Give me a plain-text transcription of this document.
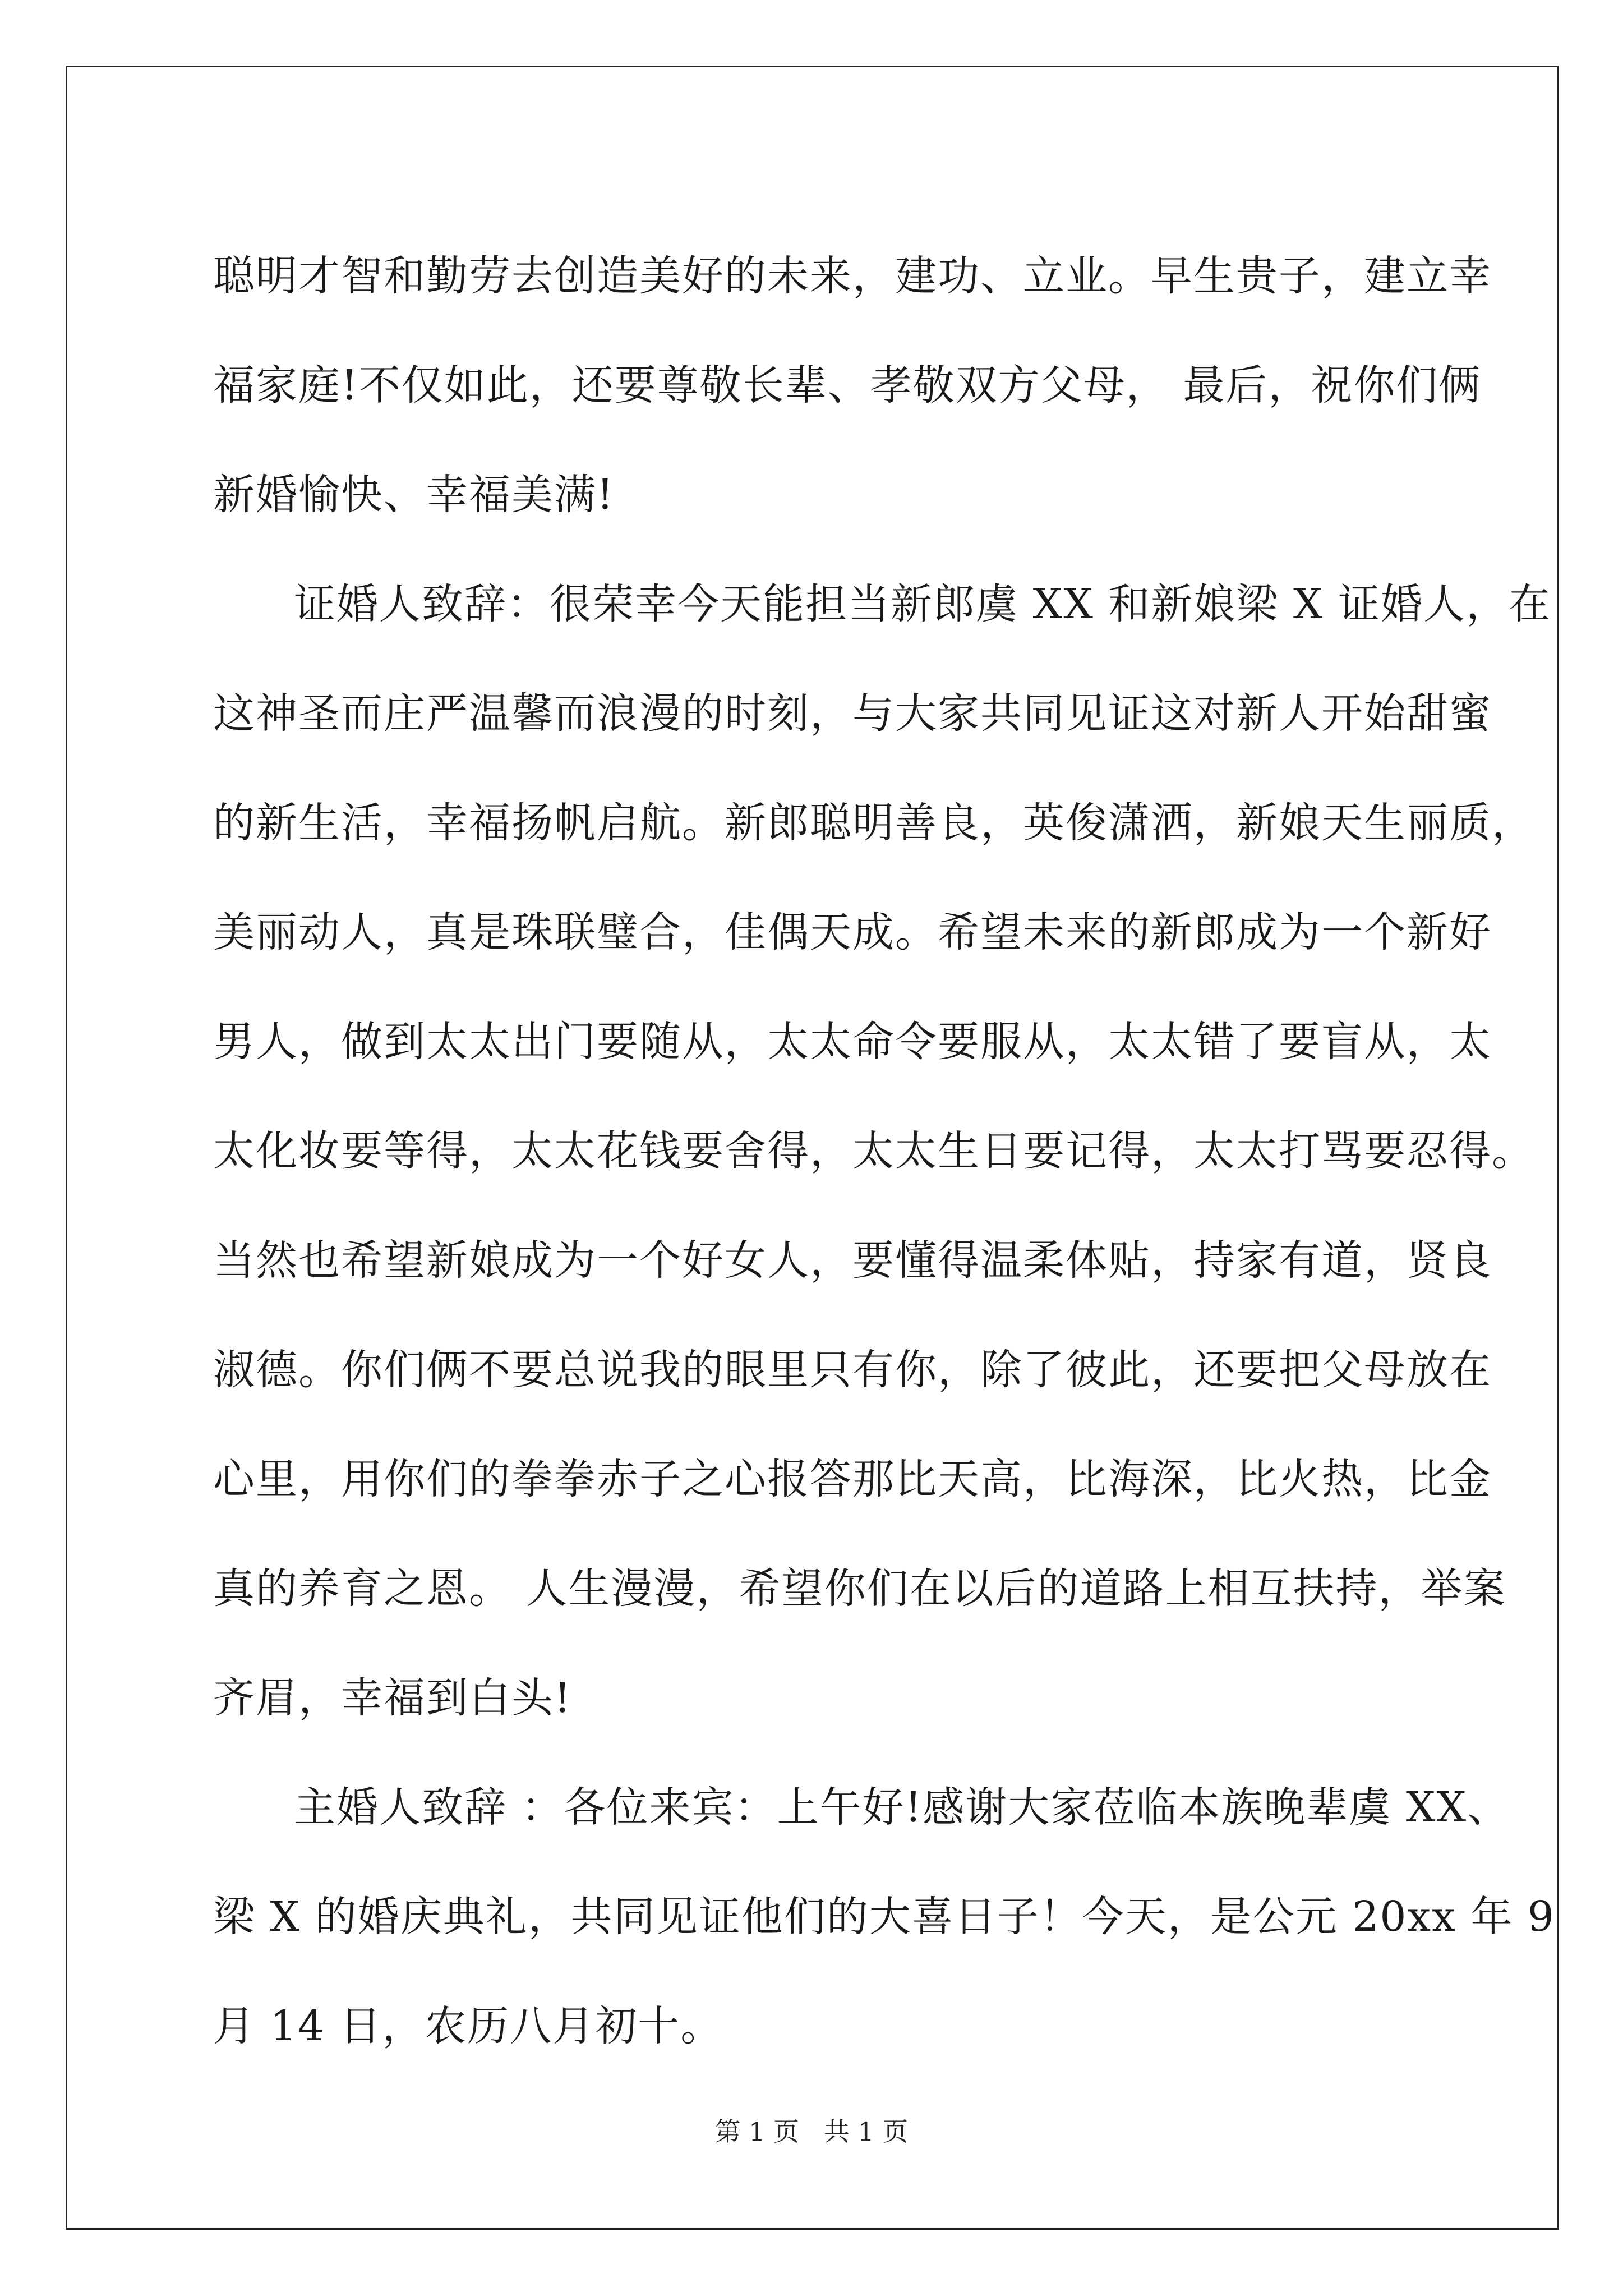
聪明才智和勤劳去创造美好的未来，建功、立业。早生贵子，建立幸
福家庭!不仅如此，还要尊敬长辈、孝敬双方父母， 最后，祝你们俩
新婚愉快、幸福美满!
证婚人致辞：很荣幸今天能担当新郎虞 XX 和新娘梁 X 证婚人，在
这神圣而庄严温馨而浪漫的时刻，与大家共同见证这对新人开始甜蜜
的新生活，幸福扬帆启航。新郎聪明善良，英俊潇洒，新娘天生丽质，
美丽动人，真是珠联璧合，佳偶天成。希望未来的新郎成为一个新好
男人，做到太太出门要随从，太太命令要服从，太太错了要盲从，太
太化妆要等得，太太花钱要舍得，太太生日要记得，太太打骂要忍得。
当然也希望新娘成为一个好女人，要懂得温柔体贴，持家有道，贤良
淑德。你们俩不要总说我的眼里只有你，除了彼此，还要把父母放在
心里，用你们的拳拳赤子之心报答那比天高，比海深，比火热，比金
真的养育之恩。 人生漫漫，希望你们在以后的道路上相互扶持，举案
齐眉，幸福到白头!
主婚人致辞 ：各位来宾：上午好!感谢大家莅临本族晚辈虞 XX、
梁 X 的婚庆典礼，共同见证他们的大喜日子！今天，是公元 20xx 年 9
月 14 日，农历八月初十。
第 1 页   共 1 页
